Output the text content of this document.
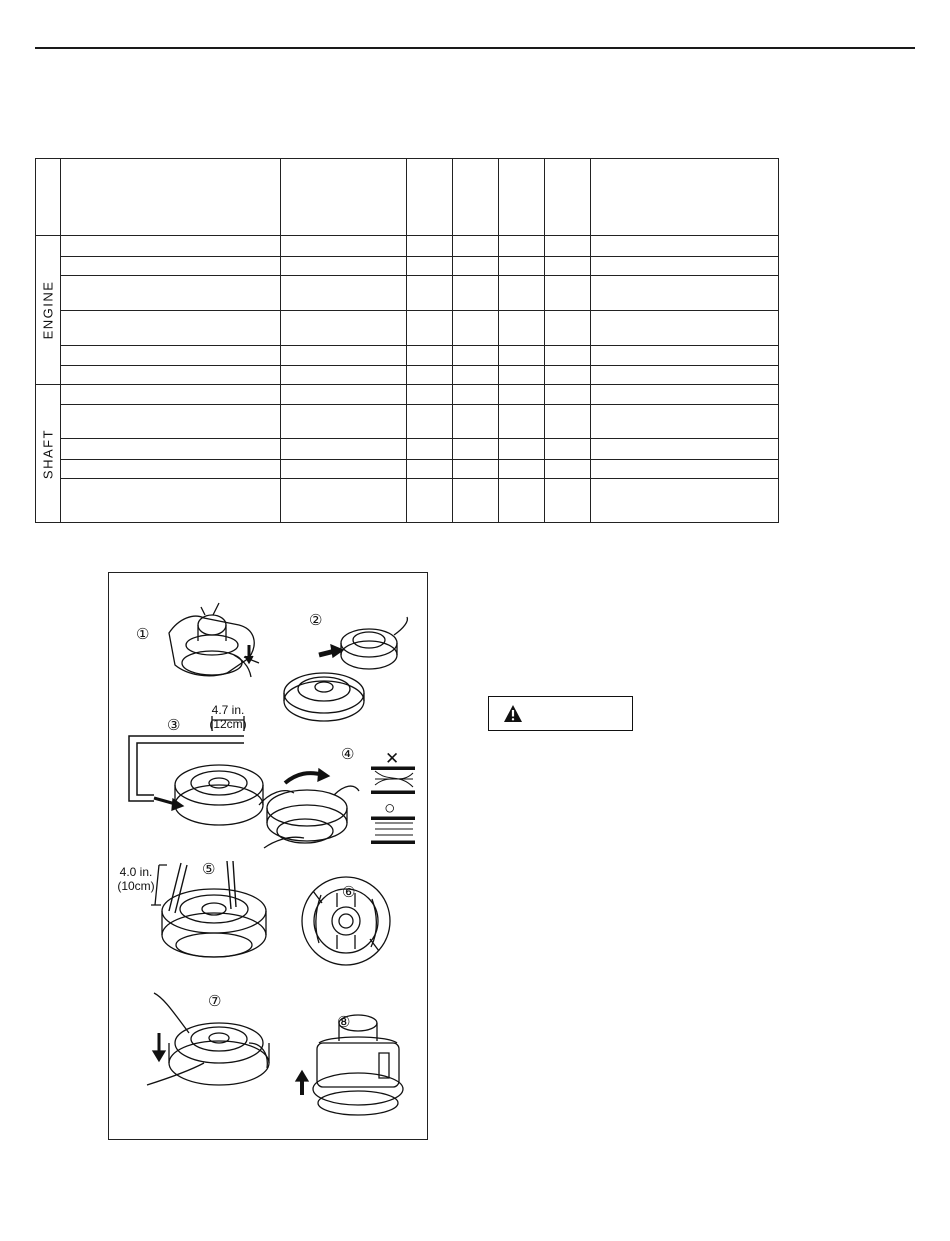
ENGINE							

SHAFT							

①
②
③
④
⑤
⑥
⑦
⑧
4.7 in.
(12cm)
4.0 in.
(10cm)
✕
○
